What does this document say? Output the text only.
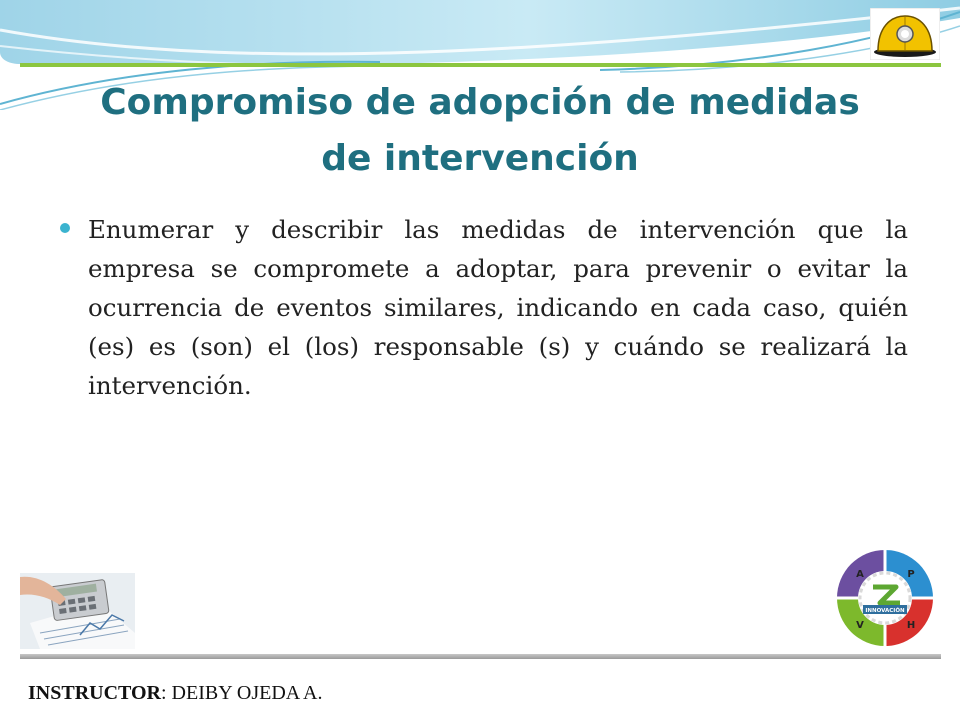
Compromiso de adopción de medidas
de intervención

Enumerar y describir las medidas de intervención que la empresa se compromete a adoptar, para prevenir o evitar la ocurrencia de eventos similares, indicando en cada caso, quién (es) es (son) el (los) responsable (s) y cuándo se realizará la intervención.

INNOVACIÓN
A	P
V	H
INSTRUCTOR: DEIBY OJEDA A.
